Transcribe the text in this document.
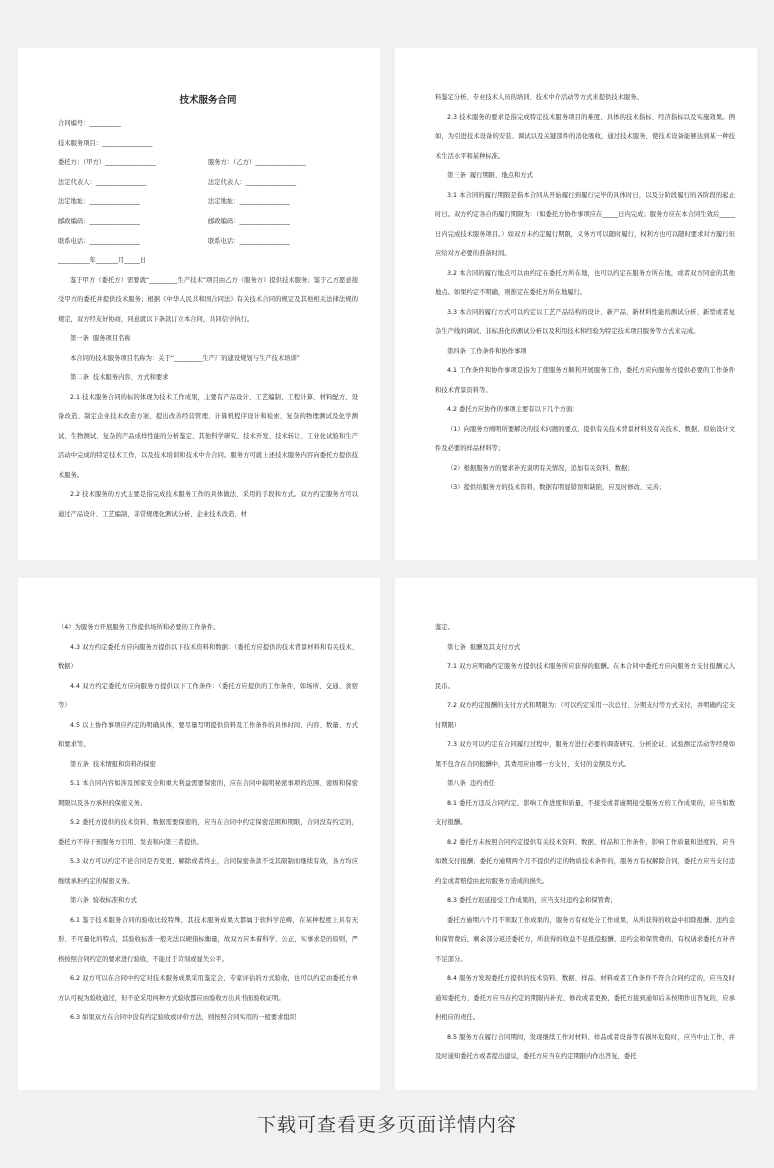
技术服务合同
合同编号：__________
技术服务项目：________________
委托方：（甲方）________________	服务方：（乙方）________________
法定代表人：________________	法定代表人：________________
法定地址：________________	法定地址：________________
邮政编码：________________	邮政编码：________________
联系电话：________________	联系电话：________________
__________年_______月_____日

鉴于甲方（委托方）需要就“_________生产技术”项目由乙方（服务方）提供技术服务；鉴于乙方愿意接受甲方的委托并提供技术服务；根据《中华人民共和国合同法》有关技术合同的规定及其他相关法律法规的规定，双方经友好协商，同意就以下条款订立本合同，共同信守执行。

第一条  服务项目名称

本合同的技术服务项目名称为：关于“_________生产厂的建设规划与生产技术培训”

第二条  技术服务内容、方式和要求

2.1 技术服务合同的标的体现为技术工作成果，主要有产品设计、工艺编制、工程计算、材料配方、设备改造、制定企业技术改造方案、提出改善经营管理、计算机程序设计和检索、复杂的物理测试及化学测试、生物测试、复杂的产品成样性能的分析鉴定、其他科学研究、技术开发、技术转让、工业化试验和生产活动中完成的特定技术工作，以及技术培训和技术中介合同。服务方可就上述技术服务内容向委托方提供技术服务。

2.2 技术服务的方式主要是指完成技术服务工作的具体做法、采用的手段和方式。双方约定服务方可以通过产品设计、工艺编制、非常规理化测试分析、企业技术改造、材

料鉴定分析、专业技术人员的培训、技术中介活动等方式来提供技术服务。

2.3 技术服务的要求是指完成特定技术服务项目的难度、具体的技术指标、经济指标以及实施效果。例如，为引进技术设备的安装、调试以及关键部件的消化吸收，通过技术服务，使技术设备能够达到某一种技术生活水平和某种标准。

第三条  履行期限、地点和方式

3.1 本合同的履行期限是指本合同从开始履行到履行完毕的具体时日，以及分阶段履行的各阶段的起止时日。双方约定各自的履行期限为：（如委托方协作事项应在_____日内完成；服务方应在本合同生效后_____日内完成技术服务项目。）如双方未约定履行期限，义务方可以随时履行，权利方也可以随时要求对方履行但应给对方必要的准备时间。

3.2 本合同的履行地点可以由约定在委托方所在地，也可以约定在服务方所在地，或者双方同意的其他地点。如果约定不明确，则推定在委托方所在地履行。

3.3 本合同的履行方式可以约定以工艺产品结构的设计、新产品、新材料性能的测试分析、新型或者复杂生产线的调试、非标准化的测试分析以及利用技术和经验为特定技术项目服务等方式来完成。

第四条  工作条件和协作事项

4.1 工作条件和协作事项是指为了使服务方顺利开展服务工作，委托方应向服务方提供必要的工作条件和技术背景资料等。

4.2 委托方应协作的事项主要有以下几个方面：

（1）向服务方阐明所要解决的技术问题的要点，提供有关技术背景材料及有关技术、数据、原始设计文件及必要的样品材料等；

（2）根据服务方的要求补充说明有关情况，追加有关资料、数据；

（3）提供给服务方的技术资料，数据有明显错误和缺陷，应及时修改、完善；

（4）为服务方开展服务工作提供场所和必要的工作条件。

4.3 双方约定委托方应向服务方提供以下技术资料和数据：（委托方应提供的技术背景材料和有关技术、数据）

4.4 双方约定委托方应向服务方提供以下工作条件：（委托方应提供的工作条件，如场所、交通、食宿等）

4.5 以上协作事项应约定的明确具体，要尽量写明提供资料及工作条件的具体时间、内容、数量、方式和要求等。

第五条  技术情报和资料的保密

5.1 本合同内容如涉及国家安全和重大利益需要保密的，应在合同中载明秘密事项的范围、密级和保密期限以及各方承担的保密义务。

5.2 委托方提供的技术资料、数据需要保密的，应当在合同中约定保密范围和期限，合同没有约定的，委托方不得干预服务方引用、发表和向第三者提供。

5.3 双方可以约定不论合同是否变更、解除或者终止，合同保密条款不受其限制而继续有效，各方均应继续承担约定的保密义务。

第六条  验收标准和方式

6.1 鉴于技术服务合同的验收比较特殊，其技术服务成果大都属于软科学范畴，在某种程度上具有无形、不可量化的特点，其验收标准一般无法以硬指标衡量，故双方应本着科学、公正、实事求是的原则，严格按照合同约定的要求进行验收，不能过于苛刻或显失公平。

6.2 双方可以在合同中约定对技术服务成果采用鉴定会、专家评估的方式验收，也可以约定由委托方单方认可视为验收通过，但不论采用何种方式验收都应由验收方出具书面验收证明。

6.3 如果双方在合同中没有约定验收或评价方法，则按照合同实用的一般要求组织

鉴定。

第七条  报酬及其支付方式

7.1 双方应明确约定服务方提供技术服务所应获得的报酬。在本合同中委托方应向服务方支付报酬元人民币。

7.2 双方约定报酬的支付方式和期限为：（可以约定采用一次总付、分期支付等方式支付，并明确约定支付期限）

7.3 双方可以约定在合同履行过程中，服务方进行必要的调查研究、分析论证、试验测定活动等经费如果不包含在合同报酬中，其费用应由哪一方支付，支付的金额及方式。

第八条  违约责任

8.1 委托方违反合同约定，影响工作进度和质量，不接受或者逾期接受服务方的工作成果的，应当如数支付报酬。

8.2 委托方未按照合同约定提供有关技术资料、数据、样品和工作条件，影响工作质量和进度的，应当如数支付报酬；委托方逾期两个月不提供约定的物质技术条件的，服务方有权解除合同，委托方应当支付违约金或者赔偿由此给服务方造成的损失。

8.3 委托方迟延接受工作成果的，应当支付违约金和保管费；

委托方逾期六个月不领取工作成果的，服务方有权处分工作成果，从所获得的收益中扣除报酬、违约金和保管费后，剩余部分返还委托方，所获得的收益不足抵偿报酬、违约金和保管费的，有权请求委托方补齐不足部分。

8.4 服务方发现委托方提供的技术资料、数据、样品、材料或者工作条件不符合合同约定的，应当及时通知委托方，委托方应当在约定的期限内补充、修改或者更换，委托方接到通知后未按期作出答复的，应承担相应的责任。

8.5 服务方在履行合同期间，发现继续工作对材料、样品或者设备等有损坏危险时，应当中止工作，并及时通知委托方或者提出建议，委托方应当在约定期限内作出答复，委托

下载可查看更多页面详情内容
